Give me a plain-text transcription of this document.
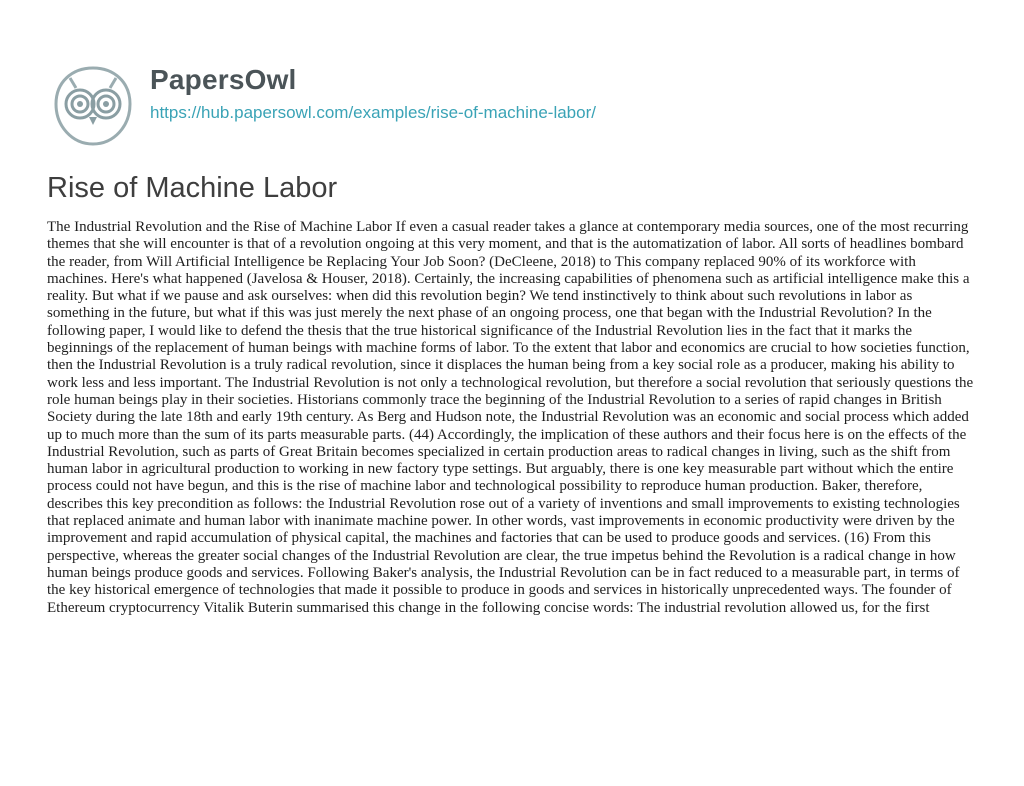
PapersOwl
https://hub.papersowl.com/examples/rise-of-machine-labor/
Rise of Machine Labor

The Industrial Revolution and the Rise of Machine Labor If even a casual reader takes a glance at contemporary media sources, one of the most recurring themes that she will encounter is that of a revolution ongoing at this very moment, and that is the automatization of labor. All sorts of headlines bombard the reader, from Will Artificial Intelligence be Replacing Your Job Soon? (DeCleene, 2018) to This company replaced 90% of its workforce with machines. Here's what happened (Javelosa & Houser, 2018). Certainly, the increasing capabilities of phenomena such as artificial intelligence make this a reality. But what if we pause and ask ourselves: when did this revolution begin? We tend instinctively to think about such revolutions in labor as something in the future, but what if this was just merely the next phase of an ongoing process, one that began with the Industrial Revolution? In the following paper, I would like to defend the thesis that the true historical significance of the Industrial Revolution lies in the fact that it marks the beginnings of the replacement of human beings with machine forms of labor. To the extent that labor and economics are crucial to how societies function, then the Industrial Revolution is a truly radical revolution, since it displaces the human being from a key social role as a producer, making his ability to work less and less important. The Industrial Revolution is not only a technological revolution, but therefore a social revolution that seriously questions the role human beings play in their societies. Historians commonly trace the beginning of the Industrial Revolution to a series of rapid changes in British Society during the late 18th and early 19th century. As Berg and Hudson note, the Industrial Revolution was an economic and social process which added up to much more than the sum of its parts measurable parts. (44) Accordingly, the implication of these authors and their focus here is on the effects of the Industrial Revolution, such as parts of Great Britain becomes specialized in certain production areas to radical changes in living, such as the shift from human labor in agricultural production to working in new factory type settings. But arguably, there is one key measurable part without which the entire process could not have begun, and this is the rise of machine labor and technological possibility to reproduce human production. Baker, therefore, describes this key precondition as follows: the Industrial Revolution rose out of a variety of inventions and small improvements to existing technologies that replaced animate and human labor with inanimate machine power. In other words, vast improvements in economic productivity were driven by the improvement and rapid accumulation of physical capital, the machines and factories that can be used to produce goods and services. (16) From this perspective, whereas the greater social changes of the Industrial Revolution are clear, the true impetus behind the Revolution is a radical change in how human beings produce goods and services. Following Baker's analysis, the Industrial Revolution can be in fact reduced to a measurable part, in terms of the key historical emergence of technologies that made it possible to produce in goods and services in historically unprecedented ways. The founder of Ethereum cryptocurrency Vitalik Buterin summarised this change in the following concise words: The industrial revolution allowed us, for the first
